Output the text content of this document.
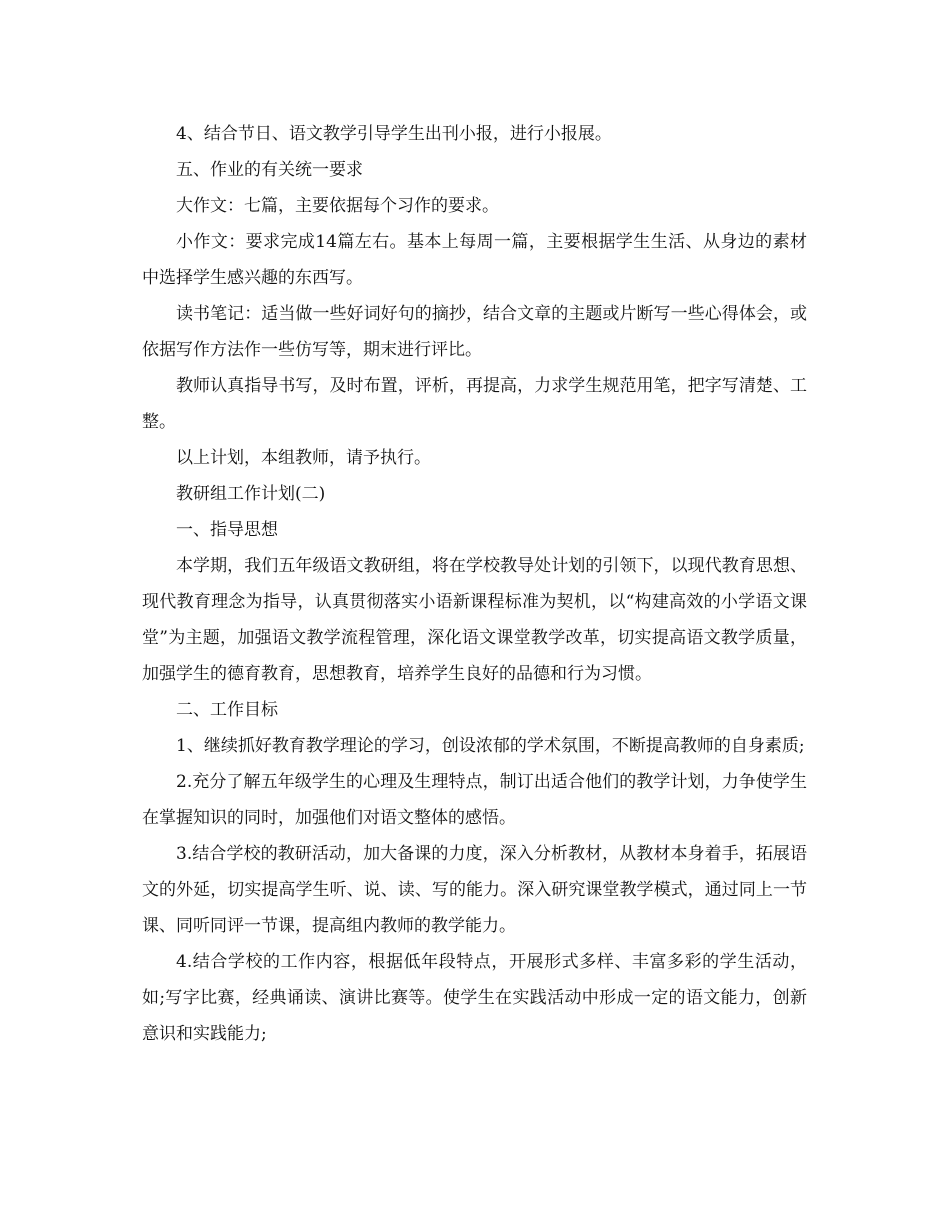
4、结合节日、语文教学引导学生出刊小报，进行小报展。

五、作业的有关统一要求

大作文：七篇，主要依据每个习作的要求。

小作文：要求完成14篇左右。基本上每周一篇，主要根据学生生活、从身边的素材中选择学生感兴趣的东西写。

读书笔记：适当做一些好词好句的摘抄，结合文章的主题或片断写一些心得体会，或依据写作方法作一些仿写等，期末进行评比。

教师认真指导书写，及时布置，评析，再提高，力求学生规范用笔，把字写清楚、工整。

以上计划，本组教师，请予执行。

教研组工作计划(二)

一、指导思想

本学期，我们五年级语文教研组，将在学校教导处计划的引领下，以现代教育思想、现代教育理念为指导，认真贯彻落实小语新课程标准为契机，以“构建高效的小学语文课堂”为主题，加强语文教学流程管理，深化语文课堂教学改革，切实提高语文教学质量，加强学生的德育教育，思想教育，培养学生良好的品德和行为习惯。

二、工作目标

1、继续抓好教育教学理论的学习，创设浓郁的学术氛围，不断提高教师的自身素质;

2.充分了解五年级学生的心理及生理特点，制订出适合他们的教学计划，力争使学生在掌握知识的同时，加强他们对语文整体的感悟。

3.结合学校的教研活动，加大备课的力度，深入分析教材，从教材本身着手，拓展语文的外延，切实提高学生听、说、读、写的能力。深入研究课堂教学模式，通过同上一节课、同听同评一节课，提高组内教师的教学能力。

4.结合学校的工作内容，根据低年段特点，开展形式多样、丰富多彩的学生活动，如;写字比赛，经典诵读、演讲比赛等。使学生在实践活动中形成一定的语文能力，创新意识和实践能力;
